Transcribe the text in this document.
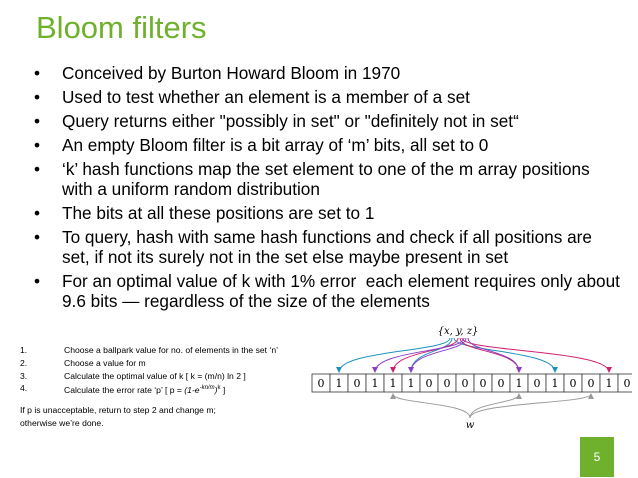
Bloom filters
•	Conceived by Burton Howard Bloom in 1970
•	Used to test whether an element is a member of a set
•	Query returns either "possibly in set" or "definitely not in set“
•	An empty Bloom filter is a bit array of ‘m’ bits, all set to 0
•	‘k’ hash functions map the set element to one of the m array positions with a uniform random distribution
•	The bits at all these positions are set to 1
•	To query, hash with same hash functions and check if all positions are set, if not its surely not in the set else maybe present in set
•	For an optimal value of k with 1% error  each element requires only about 9.6 bits — regardless of the size of the elements
1.	Choose a ballpark value for no. of elements in the set ‘n’
2.	Choose a value for m
3.	Calculate the optimal value of k [ k = (m/n) ln 2 ]
4.	Calculate the error rate ‘p’ [ $p = (1-e^{-kn/m})^k$ ]
If p is unacceptable, return to step 2 and change m;
otherwise we’re done.
0 1 0 1 1 1 0 0 0 0 0 1 0 1 0 0 1 0
{x, y, z}
w
5
